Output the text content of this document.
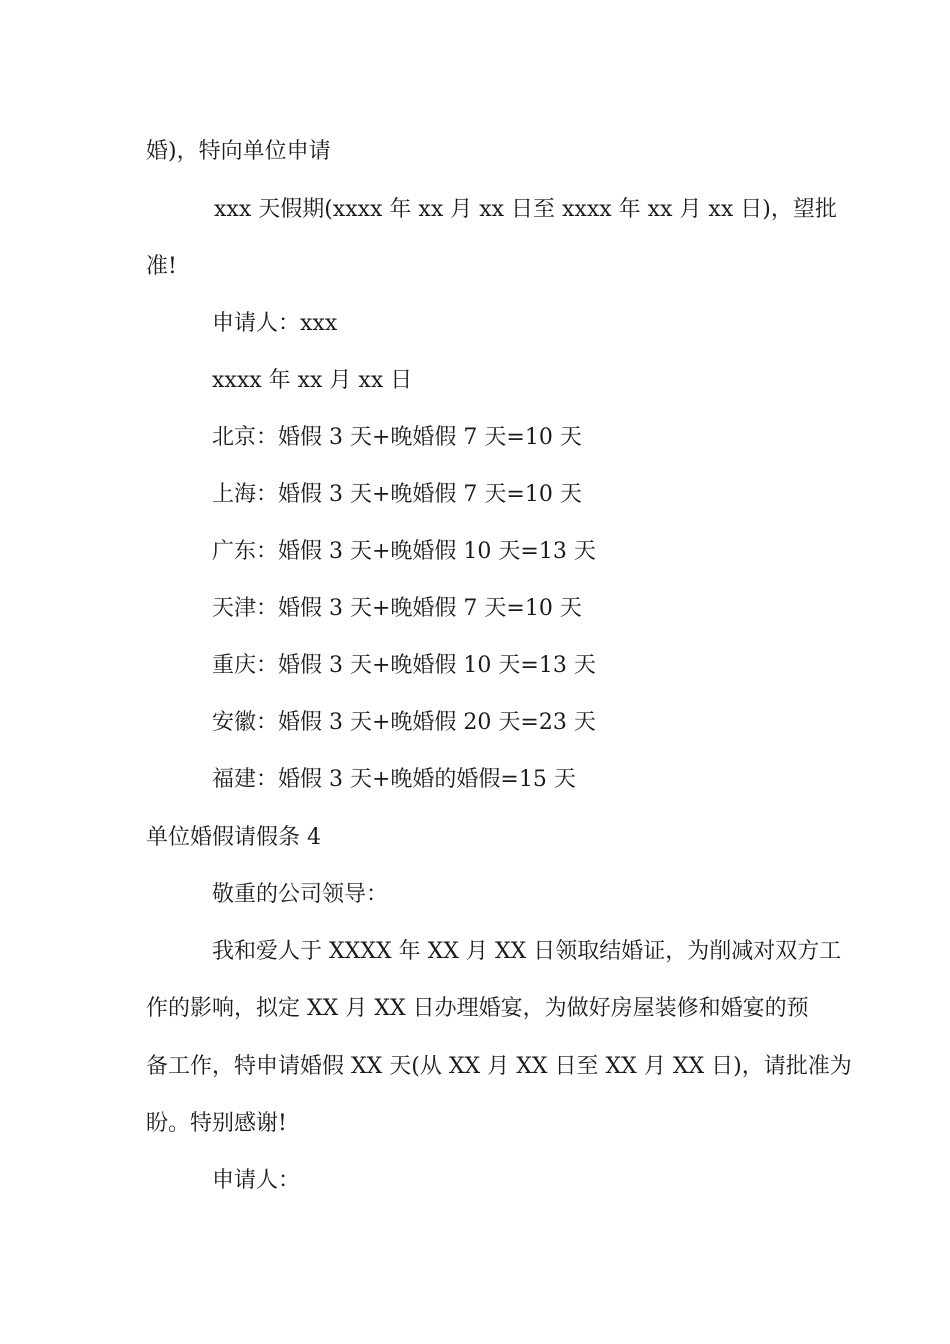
婚)，特向单位申请
xxx 天假期(xxxx 年 xx 月 xx 日至 xxxx 年 xx 月 xx 日)，望批
准!
申请人：xxx
xxxx 年 xx 月 xx 日
北京：婚假 3 天+晚婚假 7 天=10 天
上海：婚假 3 天+晚婚假 7 天=10 天
广东：婚假 3 天+晚婚假 10 天=13 天
天津：婚假 3 天+晚婚假 7 天=10 天
重庆：婚假 3 天+晚婚假 10 天=13 天
安徽：婚假 3 天+晚婚假 20 天=23 天
福建：婚假 3 天+晚婚的婚假=15 天
单位婚假请假条 4
敬重的公司领导：
我和爱人于 XXXX 年 XX 月 XX 日领取结婚证，为削减对双方工
作的影响，拟定 XX 月 XX 日办理婚宴，为做好房屋装修和婚宴的预
备工作，特申请婚假 XX 天(从 XX 月 XX 日至 XX 月 XX 日)，请批准为
盼。特别感谢!
申请人：
